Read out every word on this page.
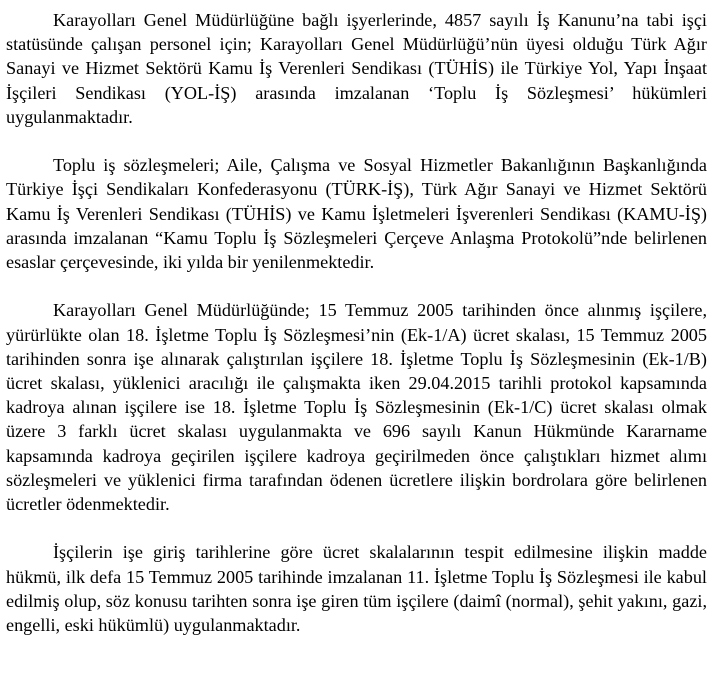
Karayolları Genel Müdürlüğüne bağlı işyerlerinde, 4857 sayılı İş Kanunu’na tabi işçi statüsünde çalışan personel için; Karayolları Genel Müdürlüğü’nün üyesi olduğu Türk Ağır Sanayi ve Hizmet Sektörü Kamu İş Verenleri Sendikası (TÜHİS) ile Türkiye Yol, Yapı İnşaat İşçileri Sendikası (YOL-İŞ) arasında imzalanan ‘Toplu İş Sözleşmesi’ hükümleri uygulanmaktadır.

Toplu iş sözleşmeleri; Aile, Çalışma ve Sosyal Hizmetler Bakanlığının Başkanlığında Türkiye İşçi Sendikaları Konfederasyonu (TÜRK-İŞ), Türk Ağır Sanayi ve Hizmet Sektörü Kamu İş Verenleri Sendikası (TÜHİS) ve Kamu İşletmeleri İşverenleri Sendikası (KAMU-İŞ) arasında imzalanan “Kamu Toplu İş Sözleşmeleri Çerçeve Anlaşma Protokolü”nde belirlenen esaslar çerçevesinde, iki yılda bir yenilenmektedir.

Karayolları Genel Müdürlüğünde; 15 Temmuz 2005 tarihinden önce alınmış işçilere, yürürlükte olan 18. İşletme Toplu İş Sözleşmesi’nin (Ek-1/A) ücret skalası, 15 Temmuz 2005 tarihinden sonra işe alınarak çalıştırılan işçilere 18. İşletme Toplu İş Sözleşmesinin (Ek-1/B) ücret skalası, yüklenici aracılığı ile çalışmakta iken 29.04.2015 tarihli protokol kapsamında kadroya alınan işçilere ise 18. İşletme Toplu İş Sözleşmesinin (Ek-1/C) ücret skalası olmak üzere 3 farklı ücret skalası uygulanmakta ve 696 sayılı Kanun Hükmünde Kararname kapsamında kadroya geçirilen işçilere kadroya geçirilmeden önce çalıştıkları hizmet alımı sözleşmeleri ve yüklenici firma tarafından ödenen ücretlere ilişkin bordrolara göre belirlenen ücretler ödenmektedir.

İşçilerin işe giriş tarihlerine göre ücret skalalarının tespit edilmesine ilişkin madde hükmü, ilk defa 15 Temmuz 2005 tarihinde imzalanan 11. İşletme Toplu İş Sözleşmesi ile kabul edilmiş olup, söz konusu tarihten sonra işe giren tüm işçilere (daimî (normal), şehit yakını, gazi, engelli, eski hükümlü) uygulanmaktadır.
